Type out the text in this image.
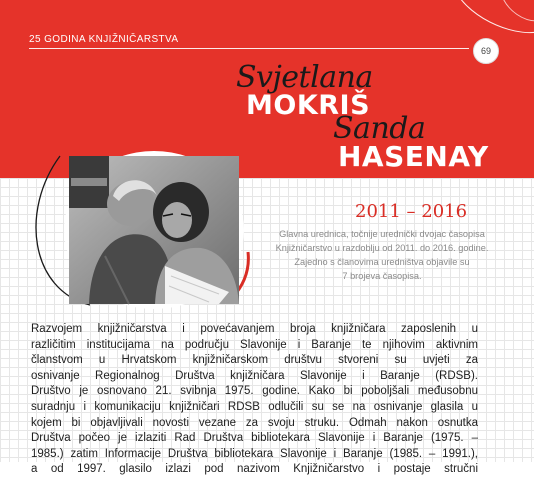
25 GODINA KNJIŽNIČARSTVA
69
Svjetlana
MOKRIŠ
Sanda
HASENAY
2011 – 2016
Glavna urednica, točnije urednički dvojac časopisa
Knjižničarstvo u razdoblju od 2011. do 2016. godine.
Zajedno s članovima uredništva objavile su
7 brojeva časopisa.
Razvojem knjižničarstva i povećavanjem broja knjižničara zaposlenih u
različitim institucijama na području Slavonije i Baranje te njihovim aktivnim
članstvom u Hrvatskom knjižničarskom društvu stvoreni su uvjeti za
osnivanje Regionalnog Društva knjižničara Slavonije i Baranje (RDSB).
Društvo je osnovano 21. svibnja 1975. godine. Kako bi poboljšali međusobnu
suradnju i komunikaciju knjižničari RDSB odlučili su se na osnivanje glasila u
kojem bi objavljivali novosti vezane za svoju struku. Odmah nakon osnutka
Društva počeo je izlaziti Rad Društva bibliotekara Slavonije i Baranje (1975. –
1985.) zatim Informacije Društva bibliotekara Slavonije i Baranje (1985. – 1991.),
a od 1997. glasilo izlazi pod nazivom Knjižničarstvo i postaje stručni
